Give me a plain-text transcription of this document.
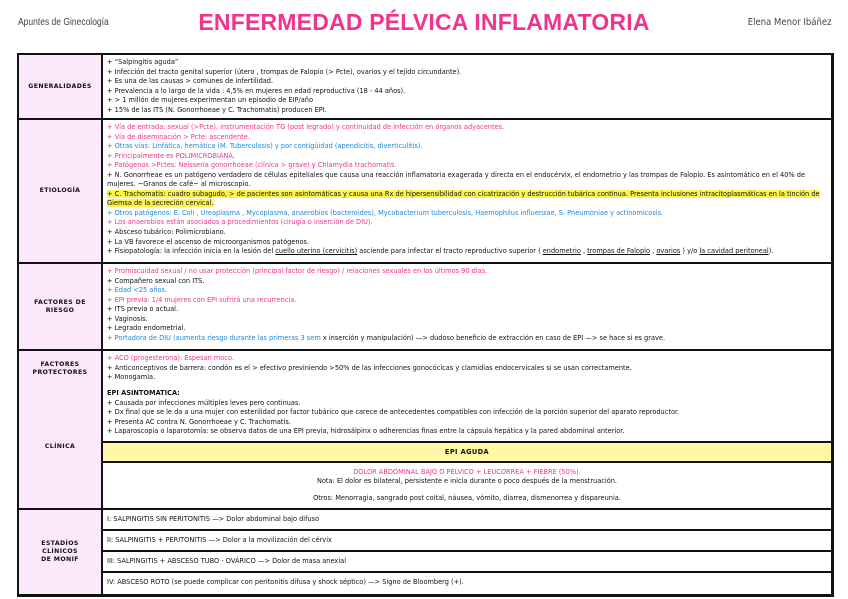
Apuntes de Ginecología	ENFERMEDAD PÉLVICA INFLAMATORIA	Elena Menor Ibáñez
GENERALIDADES
+ “Salpingitis aguda”
+ Infección del tracto genital superior (útero , trompas de Falopio (> Pcte), ovarios y el tejido circundante).
+ Es una de las causas > comunes de infertilidad.
+ Prevalencia a lo largo de la vida : 4,5% en mujeres en edad reproductiva (18 - 44 años).
+ > 1 millón de mujeres experimentan un episodio de EIP/año
+ 15% de las ITS (N. Gonorrhoeae y C. Trachomatis) producen EPI.
ETIOLOGÍA
+ Vía de entrada: sexual (>Pcte), instrumentación TG (post legrado) y continuidad de infección en órganos adyacentes.
+ Vía de diseminación > Pcte: ascendente.
+ Otras vías: Linfática, hemática (M. Tuberculosis) y por contigüidad (apendicitis, diverticulitis).
+ Principalmente es POLIMICROBIANA.
+ Patógenos >Pctes: Neisseria gonorrhoeae (clínica > grave) y Chlamydia trachomatis.
+ N. Gonorrheae es un patógeno verdadero de células epiteliales que causa una reacción inflamatoria exagerada y directa en el endocérvix, el endometrio y las trompas de Falopio. Es asintomático en el 40% de mujeres. ~Granos de café~ al microscopio.
+ C. Trachomatis: cuadro subagudo, > de pacientes son asintomáticas y causa una Rx de hipersensibilidad con cicatrización y destrucción tubárica continua. Presenta inclusiones intracitoplasmáticas en la tinción de Giemsa de la secreción cervical.
+ Otros patógenos: E. Coli , Ureaplasma , Mycoplasma, anaerobios (bacteroides), Mycobacterium tuberculosis, Haemophilus influenzae, S. Pneumoniae y actinomicosis.
+ Los anaerobios están asociados a procedimientos (cirugía o inserción de DIU).
+ Absceso tubárico: Polimicrobiano.
+ La VB favorece el ascenso de microorganismos patógenos.
+ Fisiopatología: la infección inicia en la lesión del cuello uterino (cervicitis) asciende para infectar el tracto reproductivo superior ( endometrio , trompas de Falopio , ovarios ) y/o la cavidad peritoneal).
FACTORES DE
RIESGO
+ Promiscuidad sexual / no usar protección (principal factor de riesgo) / relaciones sexuales en los últimos 90 días.
+ Compañero sexual con ITS.
+ Edad <25 años.
+ EPI previa: 1/4 mujeres con EPI sufrirá una recurrencia.
+ ITS previa o actual.
+ Vaginosis.
+ Legrado endometrial.
+ Portadora de DIU (aumenta riesgo durante las primeras 3 sem x inserción y manipulación) —> dudoso beneficio de extracción en caso de EPI —> se hace si es grave.
FACTORES
PROTECTORES
+ ACO (progesterona): Espesan moco.
+ Anticonceptivos de barrera: condón es el > efectivo previniendo >50% de las infecciones gonocócicas y clamidias endocervicales si se usan correctamente.
+ Monogamia.
CLÍNICA
EPI ASINTOMÁTICA:
+ Causada por infecciones múltiples leves pero continuas.
+ Dx final que se le da a una mujer con esterilidad por factor tubárico que carece de antecedentes compatibles con infección de la porción superior del aparato reproductor.
+ Presenta AC contra N. Gonorrhoeae y C. Trachomatis.
+ Laparoscopia o laparotomía: se observa datos de una EPI previa, hidrosálpinx o adherencias finas entre la cápsula hepática y la pared abdominal anterior.
EPI AGUDA
DOLOR ABDOMINAL BAJO O PÉLVICO + LEUCORREA + FIEBRE (50%).
Nota: El dolor es bilateral, persistente e inicia durante o poco después de la menstruación.
Otros: Menorragia, sangrado post coital, náusea, vómito, diarrea, dismenorrea y dispareunia.
ESTADÍOS
CLÍNICOS
DE MONIF
I: SALPINGITIS SIN PERITONITIS —> Dolor abdominal bajo difuso
II: SALPINGITIS + PERITONITIS —> Dolor a la movilización del cérvix
III: SALPINGITIS + ABSCESO TUBO - OVÁRICO —> Dolor de masa anexial
IV: ABSCESO ROTO (se puede complicar con peritonitis difusa y shock séptico) —> Signo de Bloomberg (+).
